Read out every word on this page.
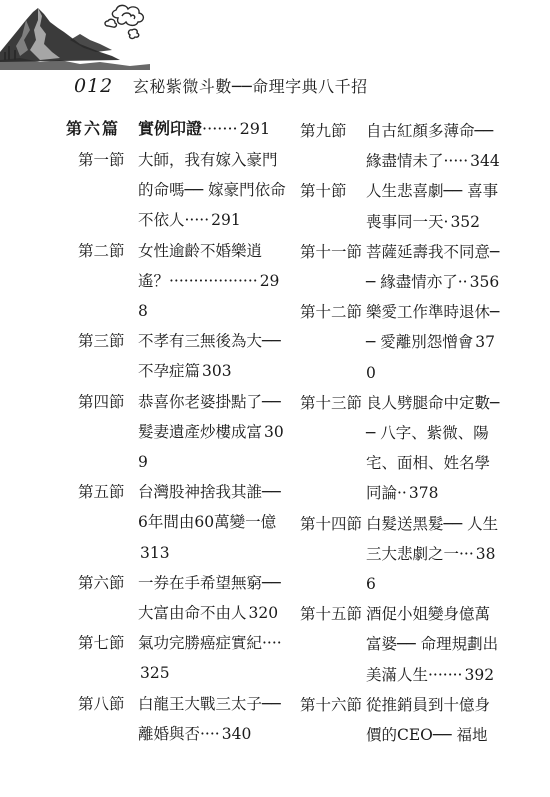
012 玄秘紫微斗數──命理字典八千招
第六篇	實例印證 ······· 291
第一節 大師，我有嫁入豪門的命嗎── 嫁豪門依命不依人····· 291
第二節 女性逾齡不婚樂逍遙？·················· 298
第三節 不孝有三無後為大── 不孕症篇 303
第四節 恭喜你老婆掛點了── 髮妻遺產炒樓成富 309
第五節 台灣股神捨我其誰── 6年間由60萬變一億313
第六節 一券在手希望無窮── 大富由命不由人 320
第七節 氣功完勝癌症實紀····325
第八節 白龍王大戰三太子── 離婚與否···· 340
第九節	自古紅顏多薄命── 緣盡情未了····· 344
第十節	人生悲喜劇── 喜事喪事同一天· 352
第十一節 菩薩延壽我不同意── 緣盡情亦了·· 356
第十二節 樂愛工作準時退休── 愛離別怨憎會 370
第十三節 良人劈腿命中定數── 八字、紫微、陽宅、面相、姓名學同論·· 378
第十四節 白髮送黑髮── 人生三大悲劇之一··· 386
第十五節 酒促小姐變身億萬富婆── 命理規劃出美滿人生······· 392
第十六節 從推銷員到十億身價的CEO── 福地
